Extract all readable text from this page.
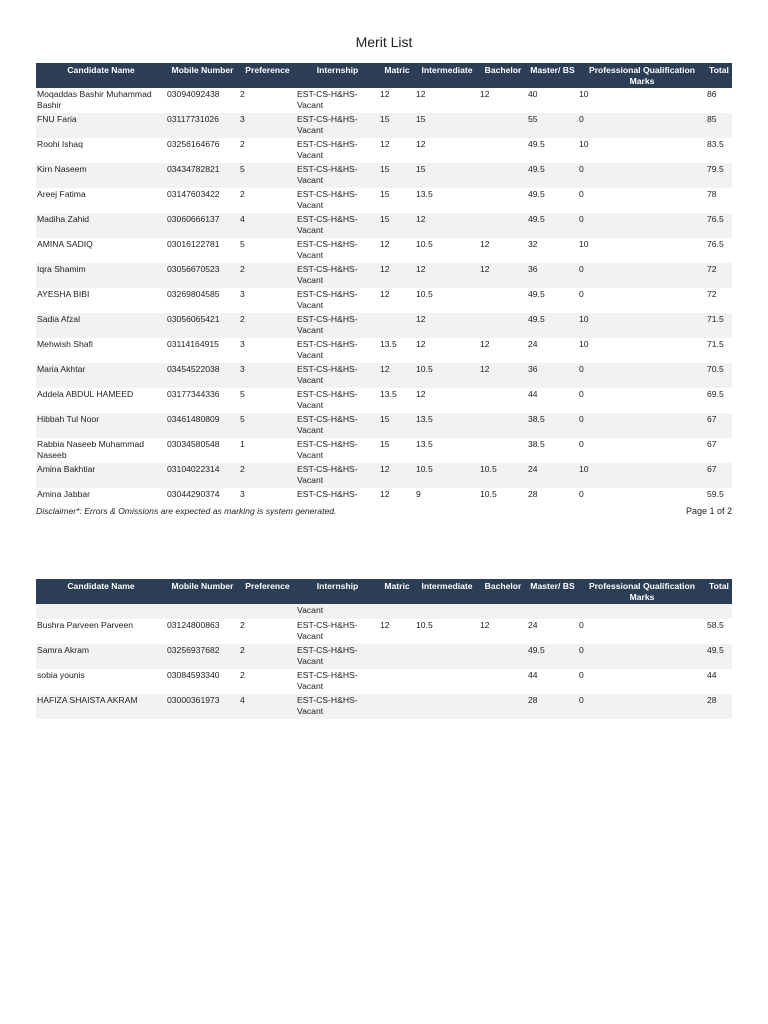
Merit List
Candidate Name	Mobile Number	Preference	Internship	Matric	Intermediate	Bachelor	Master/ BS	Professional Qualification Marks	Total
Moqaddas Bashir Muhammad Bashir	03094092438	2	EST-CS-H&HS-Vacant	12	12	12	40	10	86
FNU Faria	03117731026	3	EST-CS-H&HS-Vacant	15	15		55	0	85
Roohi Ishaq	03256164676	2	EST-CS-H&HS-Vacant	12	12		49.5	10	83.5
Kirn Naseem	03434782821	5	EST-CS-H&HS-Vacant	15	15		49.5	0	79.5
Areej Fatima	03147603422	2	EST-CS-H&HS-Vacant	15	13.5		49.5	0	78
Madiha Zahid	03060666137	4	EST-CS-H&HS-Vacant	15	12		49.5	0	76.5
AMINA SADIQ	03016122781	5	EST-CS-H&HS-Vacant	12	10.5	12	32	10	76.5
Iqra Shamim	03056670523	2	EST-CS-H&HS-Vacant	12	12	12	36	0	72
AYESHA BIBI	03269804585	3	EST-CS-H&HS-Vacant	12	10.5		49.5	0	72
Sadia Afzal	03056065421	2	EST-CS-H&HS-Vacant		12		49.5	10	71.5
Mehwish Shafi	03114164915	3	EST-CS-H&HS-Vacant	13.5	12	12	24	10	71.5
Maria Akhtar	03454522038	3	EST-CS-H&HS-Vacant	12	10.5	12	36	0	70.5
Addela ABDUL HAMEED	03177344336	5	EST-CS-H&HS-Vacant	13.5	12		44	0	69.5
Hibbah Tul Noor	03461480809	5	EST-CS-H&HS-Vacant	15	13.5		38.5	0	67
Rabbia Naseeb Muhammad Naseeb	03034580548	1	EST-CS-H&HS-Vacant	15	13.5		38.5	0	67
Amina Bakhtiar	03104022314	2	EST-CS-H&HS-Vacant	12	10.5	10.5	24	10	67
Amina Jabbar	03044290374	3	EST-CS-H&HS-	12	9	10.5	28	0	59.5
Disclaimer*: Errors & Omissions are expected as marking is system generated.	Page 1 of 2
Candidate Name	Mobile Number	Preference	Internship	Matric	Intermediate	Bachelor	Master/ BS	Professional Qualification Marks	Total
			Vacant						
Bushra Parveen Parveen	03124800863	2	EST-CS-H&HS-Vacant	12	10.5	12	24	0	58.5
Samra Akram	03256937682	2	EST-CS-H&HS-Vacant				49.5	0	49.5
sobia younis	03084593340	2	EST-CS-H&HS-Vacant				44	0	44
HAFIZA SHAISTA AKRAM	03000361973	4	EST-CS-H&HS-Vacant				28	0	28
